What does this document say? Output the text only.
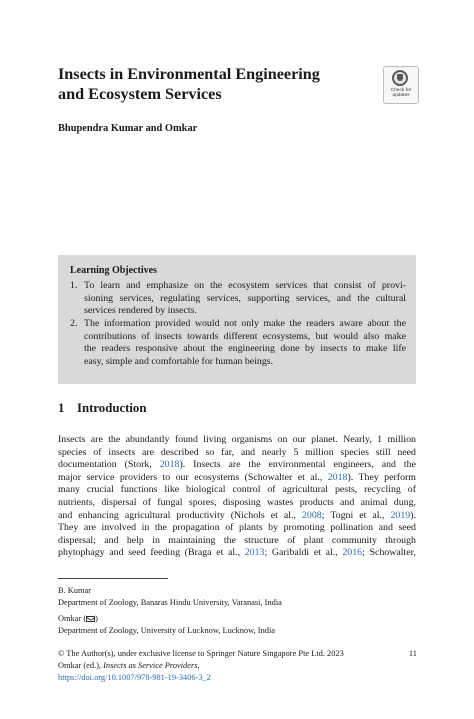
Insects in Environmental Engineering
and Ecosystem Services	Check for
updates
Bhupendra Kumar and Omkar
Learning Objectives
1. To learn and emphasize on the ecosystem services that consist of provi-
sioning services, regulating services, supporting services, and the cultural
services rendered by insects.
2. The information provided would not only make the readers aware about the
contributions of insects towards different ecosystems, but would also make
the readers responsive about the engineering done by insects to make life
easy, simple and comfortable for human beings.
1 Introduction
Insects are the abundantly found living organisms on our planet. Nearly, 1 million
species of insects are described so far, and nearly 5 million species still need
documentation (Stork, 2018). Insects are the environmental engineers, and the
major service providers to our ecosystems (Schowalter et al., 2018). They perform
many crucial functions like biological control of agricultural pests, recycling of
nutrients, dispersal of fungal spores, disposing wastes products and animal dung,
and enhancing agricultural productivity (Nichols et al., 2008; Togni et al., 2019).
They are involved in the propagation of plants by promoting pollination and seed
dispersal; and help in maintaining the structure of plant community through
phytophagy and seed feeding (Braga et al., 2013; Garibaldi et al., 2016; Schowalter,
B. Kumar
Department of Zoology, Banaras Hindu University, Varanasi, India
Omkar ( )
Department of Zoology, University of Lucknow, Lucknow, India
© The Author(s), under exclusive license to Springer Nature Singapore Pte Ltd. 2023	11
Omkar (ed.), Insects as Service Providers,
https://doi.org/10.1007/978-981-19-3406-3_2
